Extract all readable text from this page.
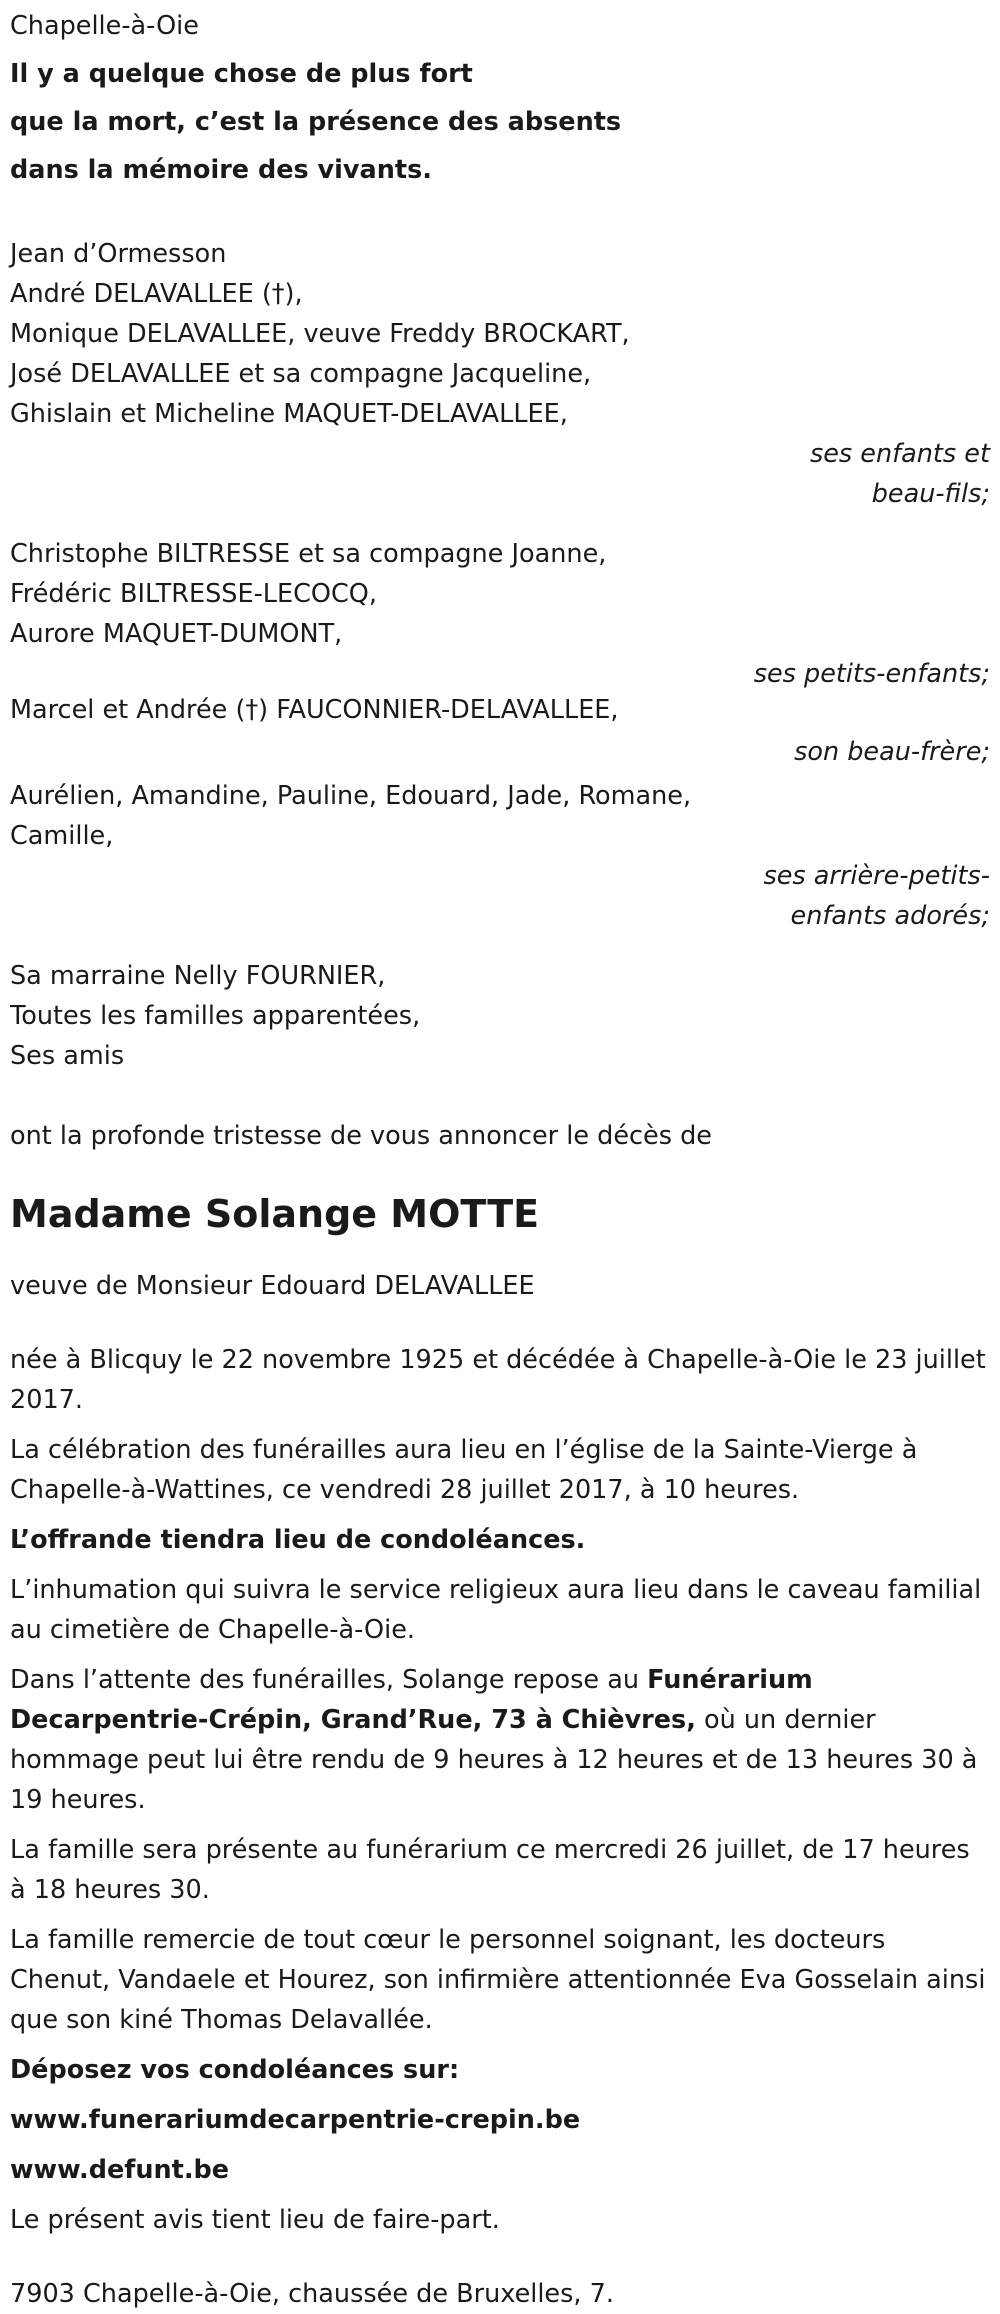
Chapelle-à-Oie
Il y a quelque chose de plus fort
que la mort, c’est la présence des absents
dans la mémoire des vivants.
Jean d’Ormesson
André DELAVALLEE (†),
Monique DELAVALLEE, veuve Freddy BROCKART,
José DELAVALLEE et sa compagne Jacqueline,
Ghislain et Micheline MAQUET-DELAVALLEE,
ses enfants et
beau-fils;
Christophe BILTRESSE et sa compagne Joanne,
Frédéric BILTRESSE-LECOCQ,
Aurore MAQUET-DUMONT,
ses petits-enfants;
Marcel et Andrée (†) FAUCONNIER-DELAVALLEE,
son beau-frère;
Aurélien, Amandine, Pauline, Edouard, Jade, Romane,
Camille,
ses arrière-petits-
enfants adorés;
Sa marraine Nelly FOURNIER,
Toutes les familles apparentées,
Ses amis
ont la profonde tristesse de vous annoncer le décès de
Madame Solange MOTTE
veuve de Monsieur Edouard DELAVALLEE
née à Blicquy le 22 novembre 1925 et décédée à Chapelle-à-Oie le 23 juillet 2017.
La célébration des funérailles aura lieu en l’église de la Sainte-Vierge à Chapelle-à-Wattines, ce vendredi 28 juillet 2017, à 10 heures.
L’offrande tiendra lieu de condoléances.
L’inhumation qui suivra le service religieux aura lieu dans le caveau familial au cimetière de Chapelle-à-Oie.
Dans l’attente des funérailles, Solange repose au Funérarium Decarpentrie-Crépin, Grand’Rue, 73 à Chièvres, où un dernier hommage peut lui être rendu de 9 heures à 12 heures et de 13 heures 30 à 19 heures.
La famille sera présente au funérarium ce mercredi 26 juillet, de 17 heures à 18 heures 30.
La famille remercie de tout cœur le personnel soignant, les docteurs Chenut, Vandaele et Hourez, son infirmière attentionnée Eva Gosselain ainsi que son kiné Thomas Delavallée.
Déposez vos condoléances sur:
www.funerariumdecarpentrie-crepin.be
www.defunt.be
Le présent avis tient lieu de faire-part.
7903 Chapelle-à-Oie, chaussée de Bruxelles, 7.
